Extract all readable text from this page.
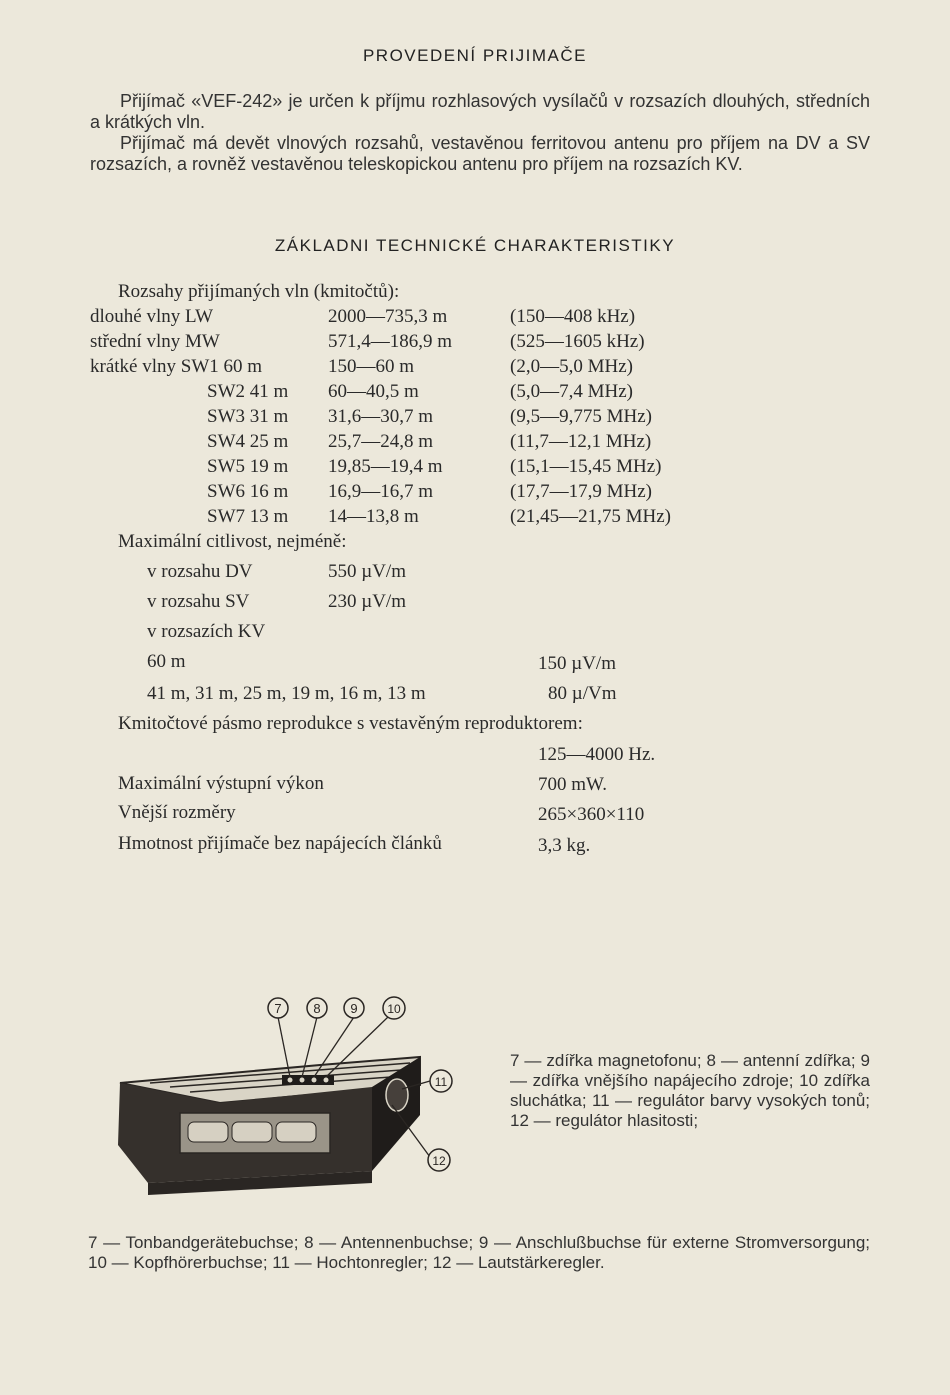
PROVEDENÍ PRIJIMAČE

Přijímač «VEF-242» je určen k příjmu rozhlasových vysílačů v rozsazích dlouhých, středních a krátkých vln.

Přijímač má devět vlnových rozsahů, vestavěnou ferritovou antenu pro příjem na DV a SV rozsazích, a rovněž vestavěnou teleskopickou antenu pro příjem na rozsazích KV.

ZÁKLADNI TECHNICKÉ CHARAKTERISTIKY
Rozsahy přijímaných vln (kmitočtů):
dlouhé vlny LW	2000—735,3 m	(150—408 kHz)
střední vlny MW	571,4—186,9 m	(525—1605 kHz)
krátké vlny SW1 60 m	150—60 m	(2,0—5,0 MHz)
SW2 41 m 60—40,5 m	(5,0—7,4 MHz)
SW3 31 m 31,6—30,7 m	(9,5—9,775 MHz)
SW4 25 m 25,7—24,8 m	(11,7—12,1 MHz)
SW5 19 m 19,85—19,4 m	(15,1—15,45 MHz)
SW6 16 m 16,9—16,7 m	(17,7—17,9 MHz)
SW7 13 m 14—13,8 m	(21,45—21,75 MHz)
Maximální citlivost, nejméně:
v rozsahu DV	550 µV/m
v rozsahu SV	230 µV/m
v rozsazích KV
60 m	150 µV/m
41 m, 31 m, 25 m, 19 m, 16 m, 13 m	80 µ/Vm
Kmitočtové pásmo reprodukce s vestavěným reproduktorem:
125—4000 Hz.
Maximální výstupní výkon	700 mW.
Vnější rozměry	265×360×110
Hmotnost přijímače bez napájecích článků	3,3 kg.
7 8 9 10
11
12
7 — zdířka magnetofonu; 8 — antenní zdířka; 9 — zdířka vnějšího napájecího zdroje; 10 zdířka sluchátka; 11 — regulátor barvy vysokých tonů; 12 — regulátor hlasitosti;
7 — Tonbandgerätebuchse; 8 — Antennenbuchse; 9 — Anschlußbuchse für externe Stromversorgung; 10 — Kopfhörerbuchse; 11 — Hochtonregler; 12 — Lautstärkeregler.
